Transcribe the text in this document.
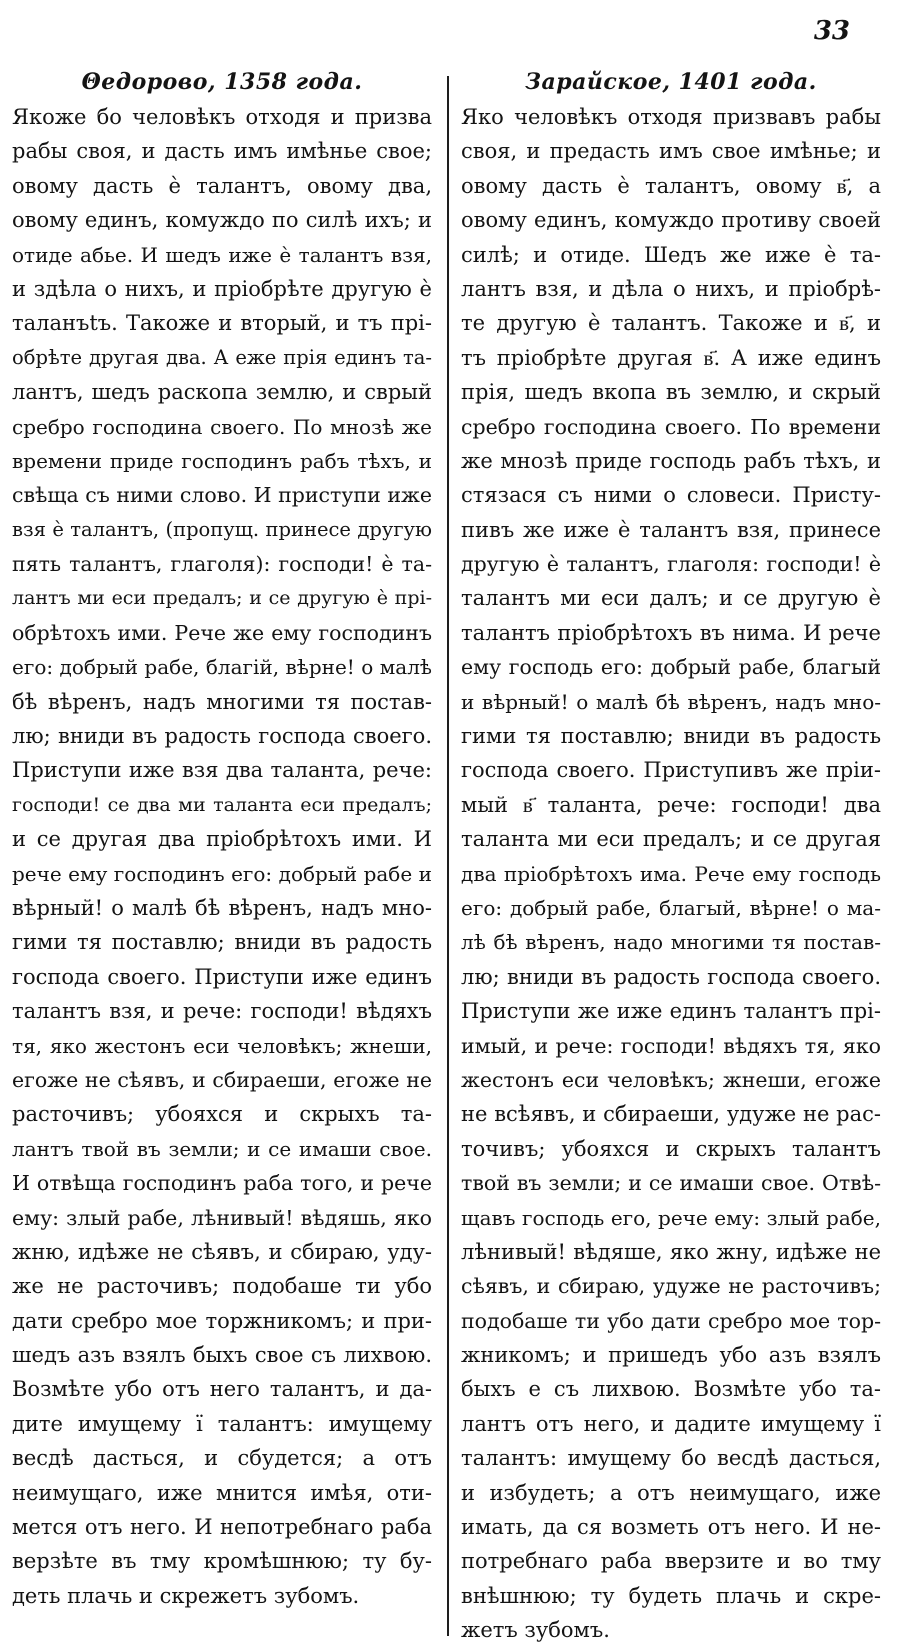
33
Θедорово, 1358 года.
Якоже бо человѣкъ отходя и призва
рабы своя, и дасть имъ имѣнье свое;
овому дасть ѐ талантъ, овому два,
овому единъ, комуждо по силѣ ихъ; и
отиде абье. И шедъ иже ѐ талантъ взя,
и здѣла о нихъ, и пріобрѣте другую ѐ
таланъtъ. Такоже и вторый, и тъ прі-
обрѣте другая два. А еже прія единъ та-
лантъ, шедъ раскопа землю, и сврый
сребро господина своего. По мнозѣ же
времени приде господинъ рабъ тѣхъ, и
свѣща съ ними слово. И приступи иже
взя ѐ талантъ, (пропущ. принесе другую
пять талантъ, глаголя): господи! ѐ та-
лантъ ми еси предалъ; и се другую ѐ прі-
обрѣтохъ ими. Рече же ему господинъ
его: добрый рабе, благій, вѣрне! о малѣ
бѣ вѣренъ, надъ многими тя постав-
лю; вниди въ радость господа своего.
Приступи иже взя два таланта, рече:
господи! се два ми таланта еси предалъ;
и се другая два пріобрѣтохъ ими. И
рече ему господинъ его: добрый рабе и
вѣрный! о малѣ бѣ вѣренъ, надъ мно-
гими тя поставлю; вниди въ радость
господа своего. Приступи иже единъ
талантъ взя, и рече: господи! вѣдяхъ
тя, яко жестонъ еси человѣкъ; жнеши,
егоже не сѣявъ, и сбираеши, егоже не
расточивъ; убояхся и скрыхъ та-
лантъ твой въ земли; и се имаши свое.
И отвѣща господинъ раба того, и рече
ему: злый рабе, лѣнивый! вѣдяшь, яко
жню, идѣже не сѣявъ, и сбираю, уду-
же не расточивъ; подобаше ти убо
дати сребро мое торжникомъ; и при-
шедъ азъ взялъ быхъ свое съ лихвою.
Возмѣте убо отъ него талантъ, и да-
дите имущему ї талантъ: имущему
весдѣ дасться, и сбудется; а отъ
неимущаго, иже мнится имѣя, оти-
мется отъ него. И непотребнаго раба
верзѣте въ тму кромѣшнюю; ту бу-
деть плачь и скрежетъ зубомъ.
Зарайское, 1401 года.
Яко человѣкъ отходя призвавъ рабы
своя, и предасть имъ свое имѣнье; и
овому дасть ѐ талантъ, овому в҃, а
овому единъ, комуждо противу своей
силѣ; и отиде. Шедъ же иже ѐ та-
лантъ взя, и дѣла о нихъ, и пріобрѣ-
те другую ѐ талантъ. Такоже и в҃, и
тъ пріобрѣте другая в҃. А иже единъ
прія, шедъ вкопа въ землю, и скрый
сребро господина своего. По времени
же мнозѣ приде господь рабъ тѣхъ, и
стязася съ ними о словеси. Присту-
пивъ же иже ѐ талантъ взя, принесе
другую ѐ талантъ, глаголя: господи! ѐ
талантъ ми еси далъ; и се другую ѐ
талантъ пріобрѣтохъ въ нима. И рече
ему господь его: добрый рабе, благый
и вѣрный! о малѣ бѣ вѣренъ, надъ мно-
гими тя поставлю; вниди въ радость
господа своего. Приступивъ же пріи-
мый в҃ таланта, рече: господи! два
таланта ми еси предалъ; и се другая
два пріобрѣтохъ има. Рече ему господь
его: добрый рабе, благый, вѣрне! о ма-
лѣ бѣ вѣренъ, надо многими тя постав-
лю; вниди въ радость господа своего.
Приступи же иже единъ талантъ прі-
имый, и рече: господи! вѣдяхъ тя, яко
жестонъ еси человѣкъ; жнеши, егоже
не всѣявъ, и сбираеши, удуже не рас-
точивъ; убояхся и скрыхъ талантъ
твой въ земли; и се имаши свое. Отвѣ-
щавъ господь его, рече ему: злый рабе,
лѣнивый! вѣдяше, яко жну, идѣже не
сѣявъ, и сбираю, удуже не расточивъ;
подобаше ти убо дати сребро мое тор-
жникомъ; и пришедъ убо азъ взялъ
быхъ е съ лихвою. Возмѣте убо та-
лантъ отъ него, и дадите имущему ї
талантъ: имущему бо весдѣ дасться,
и избудеть; а отъ неимущаго, иже
имать, да ся возметь отъ него. И не-
потребнаго раба вверзите и во тму
внѣшнюю; ту будеть плачь и скре-
жетъ зубомъ.
